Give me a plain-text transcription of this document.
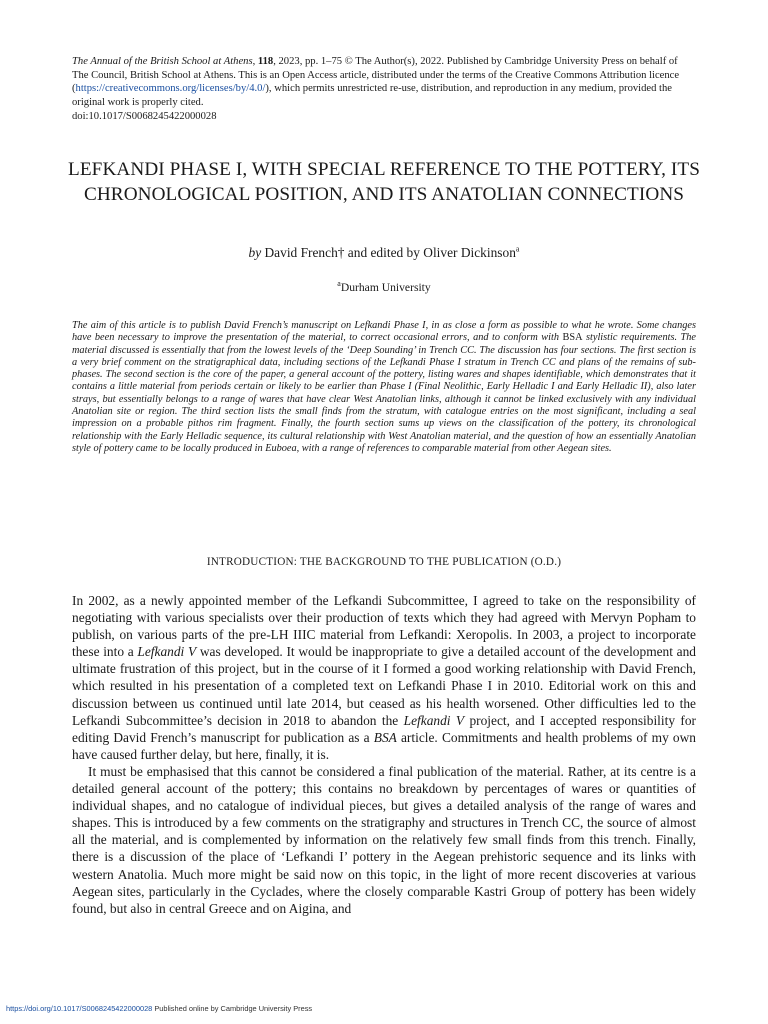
The Annual of the British School at Athens, 118, 2023, pp. 1–75 © The Author(s), 2022. Published by Cambridge University Press on behalf of The Council, British School at Athens. This is an Open Access article, distributed under the terms of the Creative Commons Attribution licence (https://creativecommons.org/licenses/by/4.0/), which permits unrestricted re-use, distribution, and reproduction in any medium, provided the original work is properly cited.
doi:10.1017/S0068245422000028
LEFKANDI PHASE I, WITH SPECIAL REFERENCE TO THE POTTERY, ITS CHRONOLOGICAL POSITION, AND ITS ANATOLIAN CONNECTIONS
by David French† and edited by Oliver Dickinson$^a$
$^a$Durham University
The aim of this article is to publish David French’s manuscript on Lefkandi Phase I, in as close a form as possible to what he wrote. Some changes have been necessary to improve the presentation of the material, to correct occasional errors, and to conform with BSA stylistic requirements. The material discussed is essentially that from the lowest levels of the ‘Deep Sounding’ in Trench CC. The discussion has four sections. The first section is a very brief comment on the stratigraphical data, including sections of the Lefkandi Phase I stratum in Trench CC and plans of the remains of sub-phases. The second section is the core of the paper, a general account of the pottery, listing wares and shapes identifiable, which demonstrates that it contains a little material from periods certain or likely to be earlier than Phase I (Final Neolithic, Early Helladic I and Early Helladic II), also later strays, but essentially belongs to a range of wares that have clear West Anatolian links, although it cannot be linked exclusively with any individual Anatolian site or region. The third section lists the small finds from the stratum, with catalogue entries on the most significant, including a seal impression on a probable pithos rim fragment. Finally, the fourth section sums up views on the classification of the pottery, its chronological relationship with the Early Helladic sequence, its cultural relationship with West Anatolian material, and the question of how an essentially Anatolian style of pottery came to be locally produced in Euboea, with a range of references to comparable material from other Aegean sites.
INTRODUCTION: THE BACKGROUND TO THE PUBLICATION (O.D.)

In 2002, as a newly appointed member of the Lefkandi Subcommittee, I agreed to take on the responsibility of negotiating with various specialists over their production of texts which they had agreed with Mervyn Popham to publish, on various parts of the pre-LH IIIC material from Lefkandi: Xeropolis. In 2003, a project to incorporate these into a Lefkandi V was developed. It would be inappropriate to give a detailed account of the development and ultimate frustration of this project, but in the course of it I formed a good working relationship with David French, which resulted in his presentation of a completed text on Lefkandi Phase I in 2010. Editorial work on this and discussion between us continued until late 2014, but ceased as his health worsened. Other difficulties led to the Lefkandi Subcommittee’s decision in 2018 to abandon the Lefkandi V project, and I accepted responsibility for editing David French’s manuscript for publication as a BSA article. Commitments and health problems of my own have caused further delay, but here, finally, it is.

It must be emphasised that this cannot be considered a final publication of the material. Rather, at its centre is a detailed general account of the pottery; this contains no breakdown by percentages of wares or quantities of individual shapes, and no catalogue of individual pieces, but gives a detailed analysis of the range of wares and shapes. This is introduced by a few comments on the stratigraphy and structures in Trench CC, the source of almost all the material, and is complemented by information on the relatively few small finds from this trench. Finally, there is a discussion of the place of ‘Lefkandi I’ pottery in the Aegean prehistoric sequence and its links with western Anatolia. Much more might be said now on this topic, in the light of more recent discoveries at various Aegean sites, particularly in the Cyclades, where the closely comparable Kastri Group of pottery has been widely found, but also in central Greece and on Aigina, and

https://doi.org/10.1017/S0068245422000028 Published online by Cambridge University Press
